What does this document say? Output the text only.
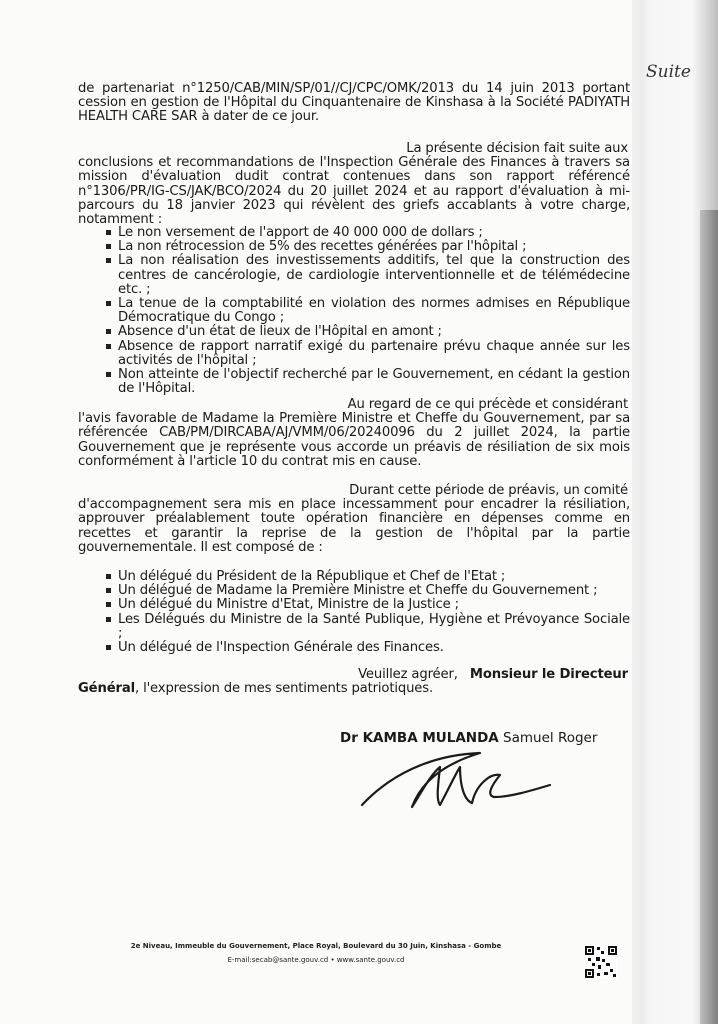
Suite

de partenariat n°1250/CAB/MIN/SP/01//CJ/CPC/OMK/2013 du 14 juin 2013 portant cession en gestion de l'Hôpital du Cinquantenaire de Kinshasa à la Société PADIYATH HEALTH CARE SAR à dater de ce jour.

La présente décision fait suite aux

conclusions et recommandations de l'Inspection Générale des Finances à travers sa mission d'évaluation dudit contrat contenues dans son rapport référencé n°1306/PR/IG-CS/JAK/BCO/2024 du 20 juillet 2024 et au rapport d'évaluation à mi-parcours du 18 janvier 2023 qui révèlent des griefs accablants à votre charge, notamment :

Le non versement de l'apport de 40 000 000 de dollars ;
La non rétrocession de 5% des recettes générées par l'hôpital ;
La non réalisation des investissements additifs, tel que la construction des centres de cancérologie, de cardiologie interventionnelle et de télémédecine etc. ;
La tenue de la comptabilité en violation des normes admises en République Démocratique du Congo ;
Absence d'un état de lieux de l'Hôpital en amont ;
Absence de rapport narratif exigé du partenaire prévu chaque année sur les activités de l'hôpital ;
Non atteinte de l'objectif recherché par le Gouvernement, en cédant la gestion de l'Hôpital.

Au regard de ce qui précède et considérant

l'avis favorable de Madame la Première Ministre et Cheffe du Gouvernement, par sa référencée CAB/PM/DIRCABA/AJ/VMM/06/20240096 du 2 juillet 2024, la partie Gouvernement que je représente vous accorde un préavis de résiliation de six mois conformément à l'article 10 du contrat mis en cause.

Durant cette période de préavis, un comité

d'accompagnement sera mis en place incessamment pour encadrer la résiliation, approuver préalablement toute opération financière en dépenses comme en recettes et garantir la reprise de la gestion de l'hôpital par la partie gouvernementale. Il est composé de :

Un délégué du Président de la République et Chef de l'Etat ;
Un délégué de Madame la Première Ministre et Cheffe du Gouvernement ;
Un délégué du Ministre d'Etat, Ministre de la Justice ;
Les Délégués du Ministre de la Santé Publique, Hygiène et Prévoyance Sociale ;
Un délégué de l'Inspection Générale des Finances.

Veuillez agréer, Monsieur le Directeur

Général, l'expression de mes sentiments patriotiques.

Dr KAMBA MULANDA Samuel Roger
2e Niveau, Immeuble du Gouvernement, Place Royal, Boulevard du 30 Juin, Kinshasa - Gombe
E-mail:secab@sante.gouv.cd • www.sante.gouv.cd
